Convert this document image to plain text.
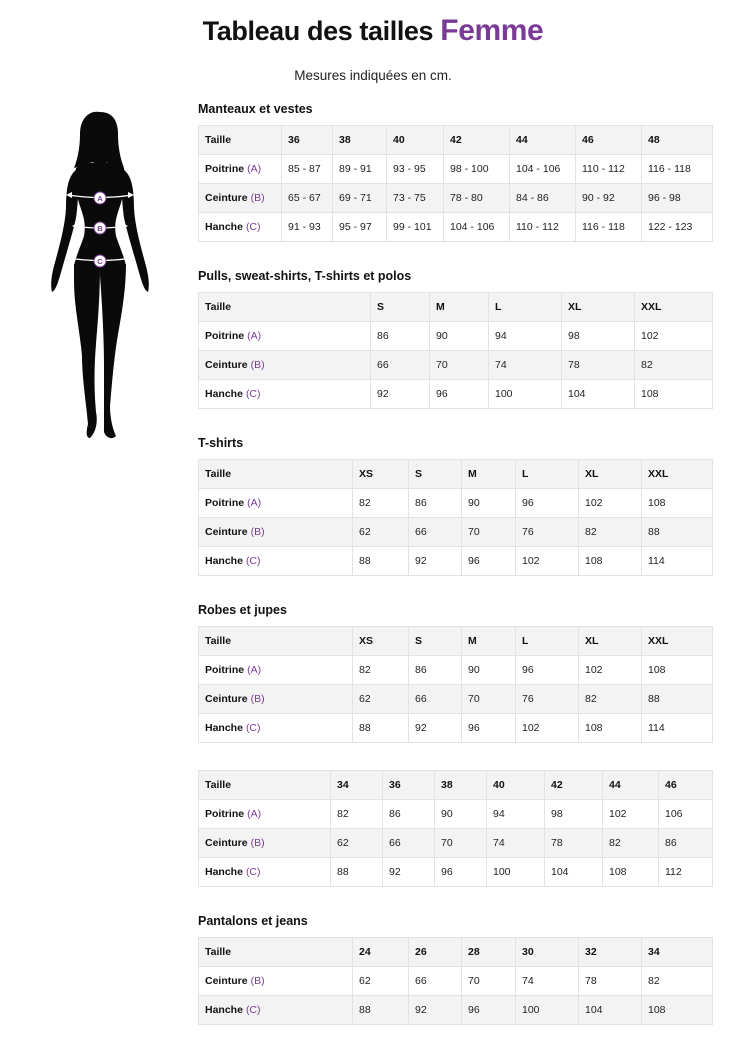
Tableau des tailles Femme
Mesures indiquées en cm.
A
B
C
Manteaux et vestes
Taille	36	38	40	42	44	46	48
Poitrine (A)	85 - 87	89 - 91	93 - 95	98 - 100	104 - 106	110 - 112	116 - 118
Ceinture (B)	65 - 67	69 - 71	73 - 75	78 - 80	84 - 86	90 - 92	96 - 98
Hanche (C)	91 - 93	95 - 97	99 - 101	104 - 106	110 - 112	116 - 118	122 - 123
Pulls, sweat-shirts, T-shirts et polos
Taille	S	M	L	XL	XXL
Poitrine (A)	86	90	94	98	102
Ceinture (B)	66	70	74	78	82
Hanche (C)	92	96	100	104	108
T-shirts
Taille	XS	S	M	L	XL	XXL
Poitrine (A)	82	86	90	96	102	108
Ceinture (B)	62	66	70	76	82	88
Hanche (C)	88	92	96	102	108	114
Robes et jupes
Taille	XS	S	M	L	XL	XXL
Poitrine (A)	82	86	90	96	102	108
Ceinture (B)	62	66	70	76	82	88
Hanche (C)	88	92	96	102	108	114
Taille	34	36	38	40	42	44	46
Poitrine (A)	82	86	90	94	98	102	106
Ceinture (B)	62	66	70	74	78	82	86
Hanche (C)	88	92	96	100	104	108	112
Pantalons et jeans
Taille	24	26	28	30	32	34
Ceinture (B)	62	66	70	74	78	82
Hanche (C)	88	92	96	100	104	108
